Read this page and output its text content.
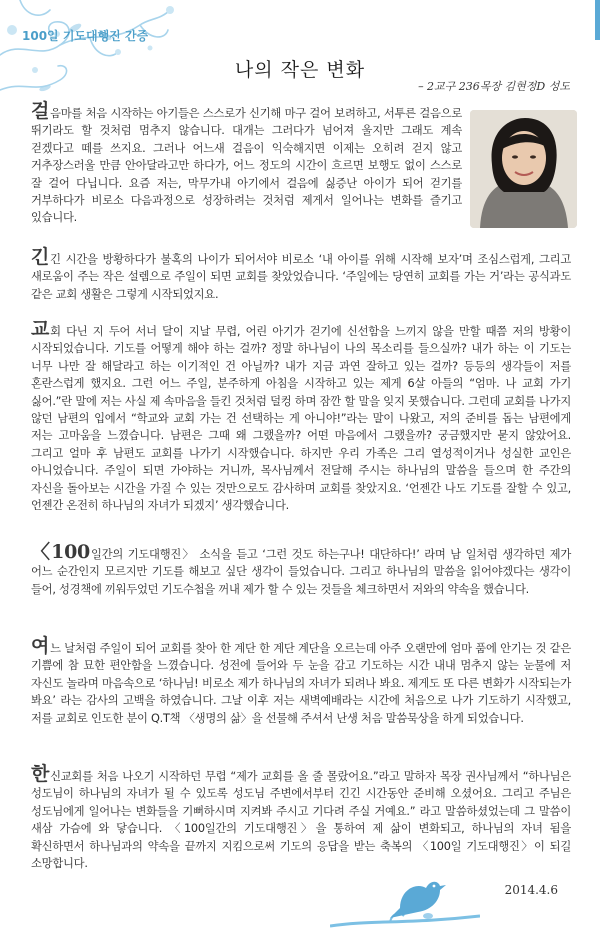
100일 기도대행진 간증
나의 작은 변화
– 2교구 236목장 김현정D 성도
걸음마를 처음 시작하는 아기들은 스스로가 신기해 마구 걸어 보려하고, 서투른 걸음으로 뛰기라도 할 것처럼 멈추지 않습니다. 대개는 그러다가 넘어져 울지만 그래도 계속 걷겠다고 떼를 쓰지요. 그러나 어느새 걸음이 익숙해지면 이제는 오히려 걷지 않고 거추장스러울 만큼 안아달라고만 하다가, 어느 정도의 시간이 흐르면 보행도 없이 스스로 잘 걸어 다닙니다. 요즘 저는, 막무가내 아기에서 걸음에 싫증난 아이가 되어 걷기를 거부하다가 비로소 다음과정으로 성장하려는 것처럼 제게서 일어나는 변화를 즐기고 있습니다.
긴긴 시간을 방황하다가 불혹의 나이가 되어서야 비로소 ‘내 아이를 위해 시작해 보자’며 조심스럽게, 그리고 새로움이 주는 작은 설렘으로 주일이 되면 교회를 찾았었습니다. ‘주일에는 당연히 교회를 가는 거’라는 공식과도 같은 교회 생활은 그렇게 시작되었지요.
교회 다닌 지 두어 서너 달이 지날 무렵, 어린 아기가 걷기에 신선함을 느끼지 않을 만할 때쯤 저의 방황이 시작되었습니다. 기도를 어떻게 해야 하는 걸까? 정말 하나님이 나의 목소리를 들으실까? 내가 하는 이 기도는 너무 나만 잘 해달라고 하는 이기적인 건 아닐까? 내가 지금 과연 잘하고 있는 걸까? 등등의 생각들이 저를 혼란스럽게 했지요. 그런 어느 주일, 분주하게 아침을 시작하고 있는 제게 6살 아들의 “엄마. 나 교회 가기 싫어.”란 말에 저는 사실 제 속마음을 들킨 것처럼 덜컹 하며 잠깐 할 말을 잊지 못했습니다. 그런데 교회를 나가지 않던 남편의 입에서 “학교와 교회 가는 건 선택하는 게 아니야!”라는 말이 나왔고, 저의 준비를 돕는 남편에게 저는 고마움을 느꼈습니다. 남편은 그때 왜 그랬을까? 어떤 마음에서 그랬을까? 궁금했지만 묻지 않았어요. 그리고 얼마 후 남편도 교회를 나가기 시작했습니다. 하지만 우리 가족은 그리 열성적이거나 성실한 교인은 아니었습니다. 주일이 되면 가야하는 거니까, 목사님께서 전달해 주시는 하나님의 말씀을 들으며 한 주간의 자신을 돌아보는 시간을 가질 수 있는 것만으로도 감사하며 교회를 찾았지요. ‘언젠간 나도 기도를 잘할 수 있고, 언젠간 온전히 하나님의 자녀가 되겠지’ 생각했습니다.
〈100일간의 기도대행진〉 소식을 듣고 ‘그런 것도 하는구나! 대단하다!’ 라며 남 일처럼 생각하던 제가 어느 순간인지 모르지만 기도를 해보고 싶단 생각이 들었습니다. 그리고 하나님의 말씀을 읽어야겠다는 생각이 들어, 성경책에 끼워두었던 기도수첩을 꺼내 제가 할 수 있는 것들을 체크하면서 저와의 약속을 했습니다.
여느 날처럼 주일이 되어 교회를 찾아 한 계단 한 계단 계단을 오르는데 아주 오랜만에 엄마 품에 안기는 것 같은 기쁨에 참 묘한 편안함을 느꼈습니다. 성전에 들어와 두 눈을 감고 기도하는 시간 내내 멈추지 않는 눈물에 저 자신도 놀라며 마음속으로 ‘하나님! 비로소 제가 하나님의 자녀가 되려나 봐요. 제게도 또 다른 변화가 시작되는가 봐요’ 라는 감사의 고백을 하였습니다. 그날 이후 저는 새벽예배라는 시간에 처음으로 나가 기도하기 시작했고, 저를 교회로 인도한 분이 Q.T책 〈생명의 삶〉을 선물해 주셔서 난생 처음 말씀묵상을 하게 되었습니다.
한신교회를 처음 나오기 시작하던 무렵 “제가 교회를 올 줄 몰랐어요.”라고 말하자 목장 권사님께서 “하나님은 성도님이 하나님의 자녀가 될 수 있도록 성도님 주변에서부터 긴긴 시간동안 준비해 오셨어요. 그리고 주님은 성도님에게 일어나는 변화들을 기뻐하시며 지켜봐 주시고 기다려 주실 거예요.” 라고 말씀하셨었는데 그 말씀이 새삼 가슴에 와 닿습니다. 〈100일간의 기도대행진〉을 통하여 제 삶이 변화되고, 하나님의 자녀 됨을 확신하면서 하나님과의 약속을 끝까지 지킴으로써 기도의 응답을 받는 축복의 〈100일 기도대행진〉이 되길 소망합니다.
2014.4.6
